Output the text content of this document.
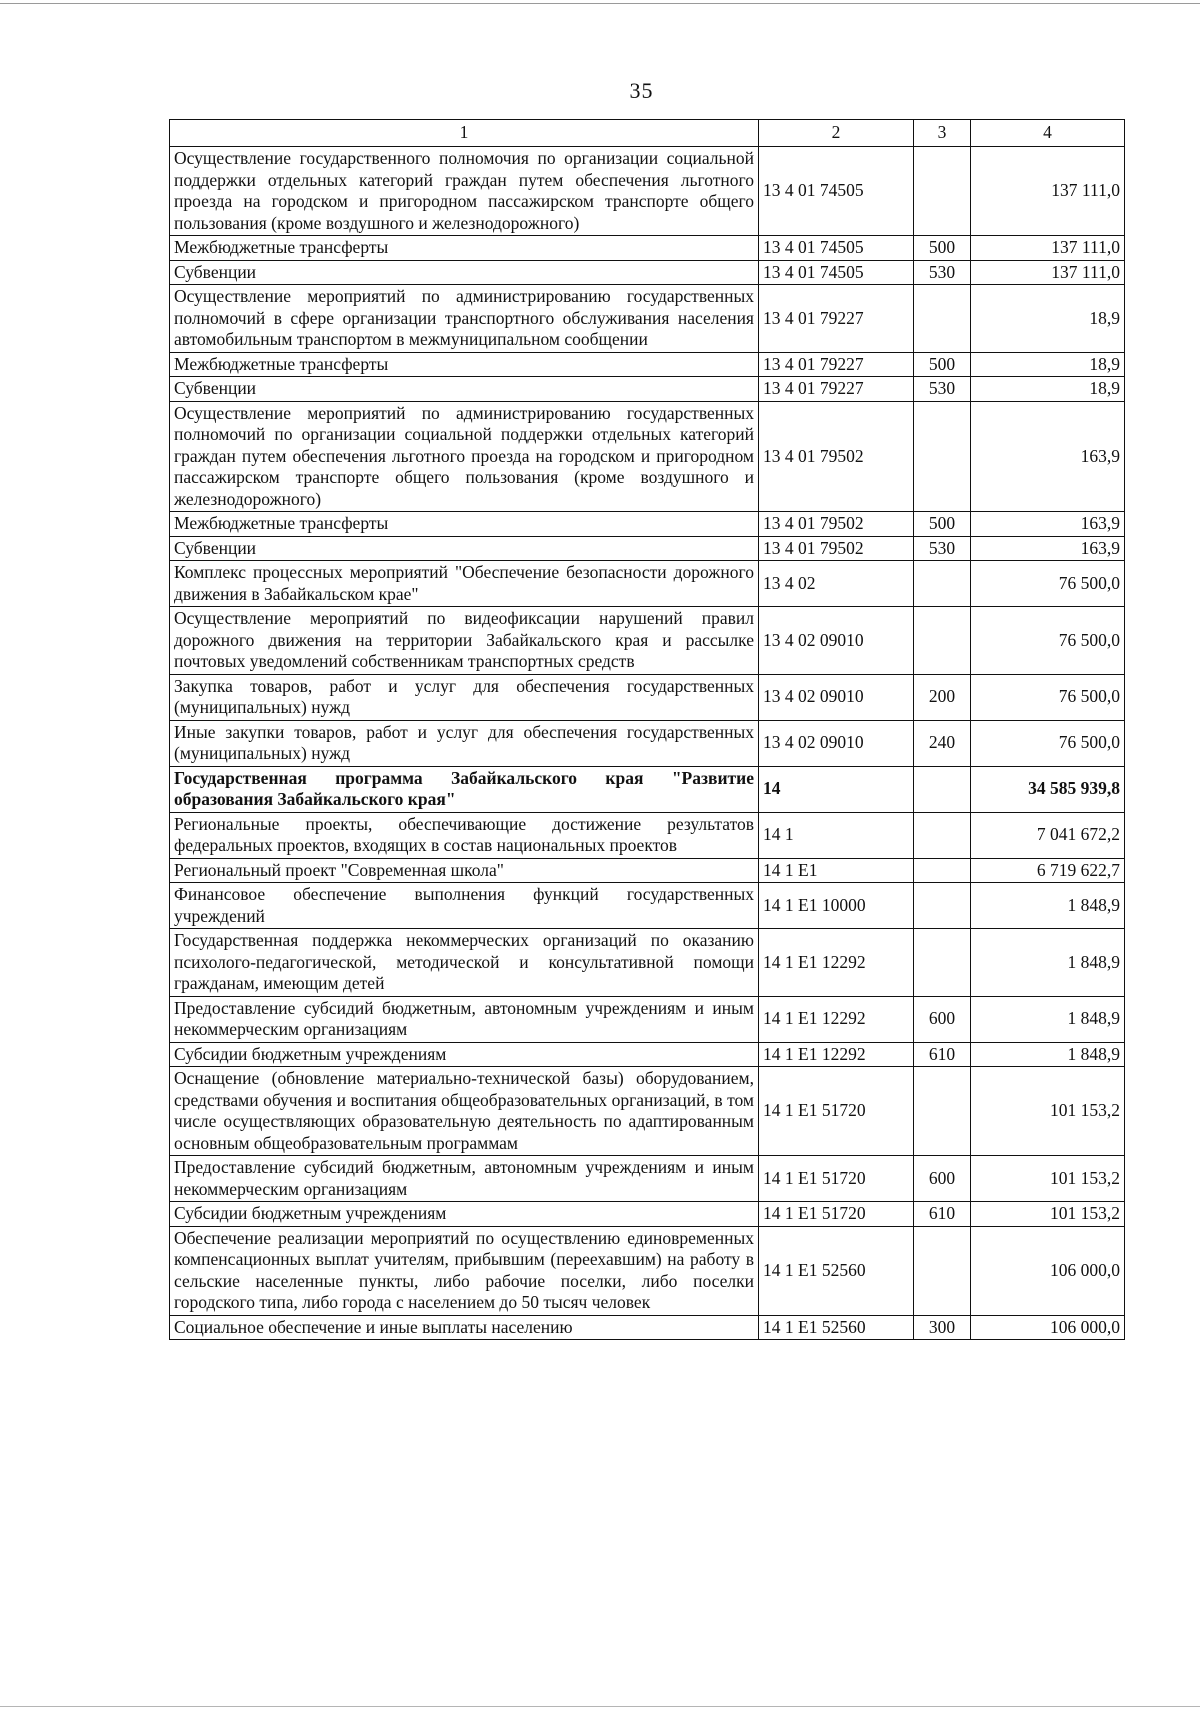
35
1	2	3	4
Осуществление государственного полномочия по организации социальной поддержки отдельных категорий граждан путем обеспечения льготного проезда на городском и пригородном пассажирском транспорте общего пользования (кроме воздушного и железнодорожного)	13 4 01 74505		137 111,0
Межбюджетные трансферты	13 4 01 74505	500	137 111,0
Субвенции	13 4 01 74505	530	137 111,0
Осуществление мероприятий по администрированию государственных полномочий в сфере организации транспортного обслуживания населения автомобильным транспортом в межмуниципальном сообщении	13 4 01 79227		18,9
Межбюджетные трансферты	13 4 01 79227	500	18,9
Субвенции	13 4 01 79227	530	18,9
Осуществление мероприятий по администрированию государственных полномочий по организации социальной поддержки отдельных категорий граждан путем обеспечения льготного проезда на городском и пригородном пассажирском транспорте общего пользования (кроме воздушного и железнодорожного)	13 4 01 79502		163,9
Межбюджетные трансферты	13 4 01 79502	500	163,9
Субвенции	13 4 01 79502	530	163,9
Комплекс процессных мероприятий "Обеспечение безопасности дорожного движения в Забайкальском крае"	13 4 02		76 500,0
Осуществление мероприятий по видеофиксации нарушений правил дорожного движения на территории Забайкальского края и рассылке почтовых уведомлений собственникам транспортных средств	13 4 02 09010		76 500,0
Закупка товаров, работ и услуг для обеспечения государственных (муниципальных) нужд	13 4 02 09010	200	76 500,0
Иные закупки товаров, работ и услуг для обеспечения государственных (муниципальных) нужд	13 4 02 09010	240	76 500,0
Государственная программа Забайкальского края "Развитие образования Забайкальского края"	14		34 585 939,8
Региональные проекты, обеспечивающие достижение результатов федеральных проектов, входящих в состав национальных проектов	14 1		7 041 672,2
Региональный проект "Современная школа"	14 1 E1		6 719 622,7
Финансовое обеспечение выполнения функций государственных учреждений	14 1 E1 10000		1 848,9
Государственная поддержка некоммерческих организаций по оказанию психолого-педагогической, методической и консультативной помощи гражданам, имеющим детей	14 1 E1 12292		1 848,9
Предоставление субсидий бюджетным, автономным учреждениям и иным некоммерческим организациям	14 1 E1 12292	600	1 848,9
Субсидии бюджетным учреждениям	14 1 E1 12292	610	1 848,9
Оснащение (обновление материально-технической базы) оборудованием, средствами обучения и воспитания общеобразовательных организаций, в том числе осуществляющих образовательную деятельность по адаптированным основным общеобразовательным программам	14 1 E1 51720		101 153,2
Предоставление субсидий бюджетным, автономным учреждениям и иным некоммерческим организациям	14 1 E1 51720	600	101 153,2
Субсидии бюджетным учреждениям	14 1 E1 51720	610	101 153,2
Обеспечение реализации мероприятий по осуществлению единовременных компенсационных выплат учителям, прибывшим (переехавшим) на работу в сельские населенные пункты, либо рабочие поселки, либо поселки городского типа, либо города с населением до 50 тысяч человек	14 1 E1 52560		106 000,0
Социальное обеспечение и иные выплаты населению	14 1 E1 52560	300	106 000,0
